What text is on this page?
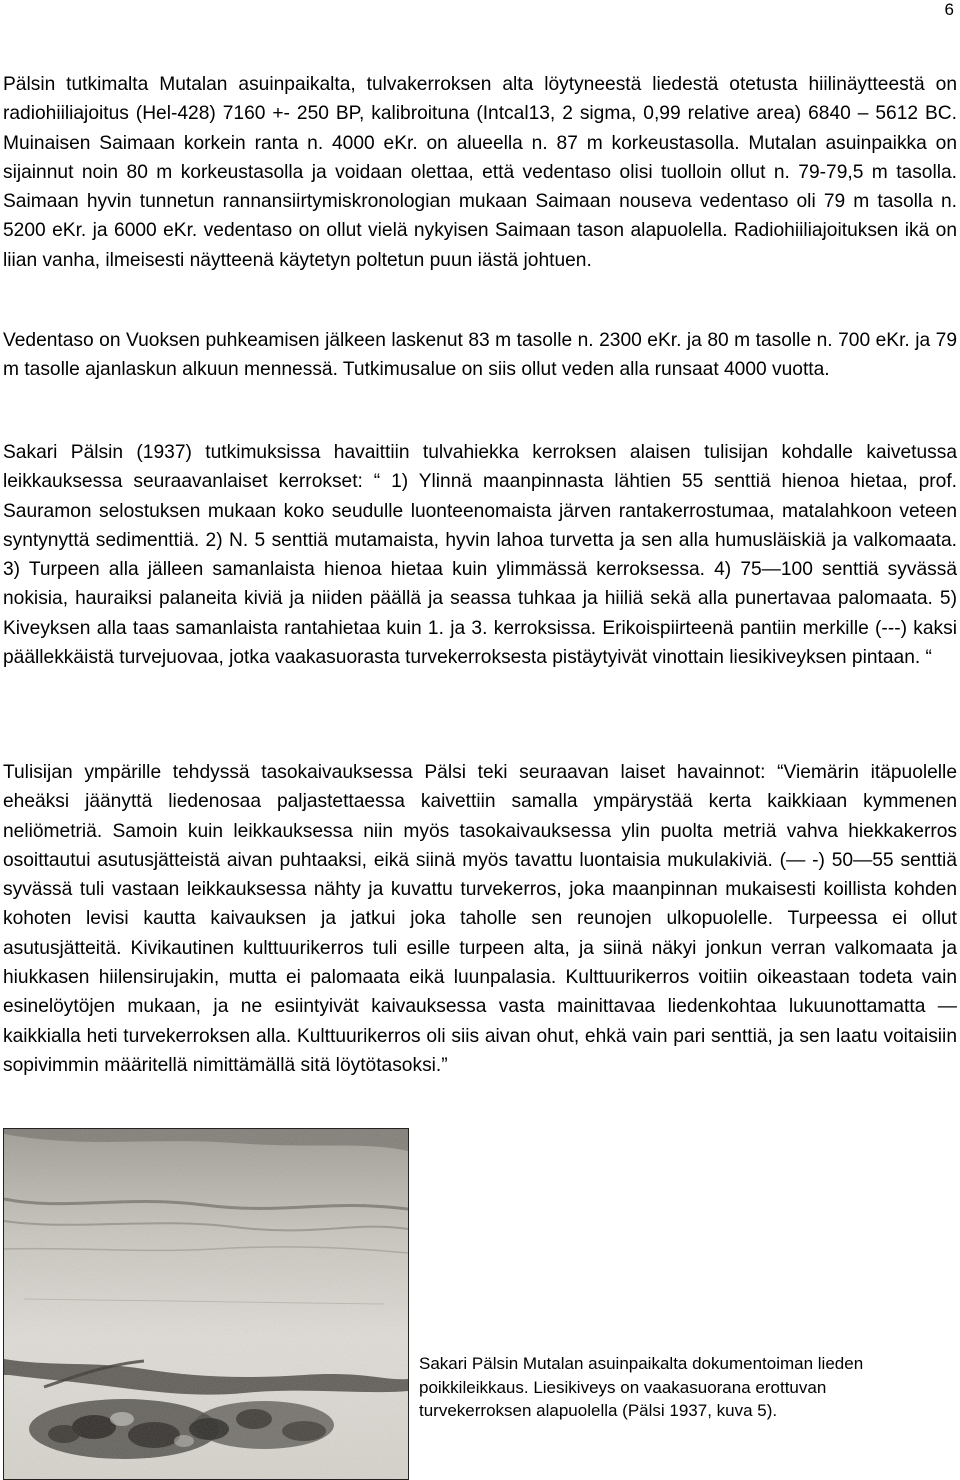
6

Pälsin tutkimalta Mutalan asuinpaikalta, tulvakerroksen alta löytyneestä liedestä otetusta hiilinäytteestä on radiohiiliajoitus (Hel-428) 7160 +- 250 BP, kalibroituna (Intcal13, 2 sigma, 0,99 relative area) 6840 – 5612 BC. Muinaisen Saimaan korkein ranta n. 4000 eKr. on alueella n. 87 m korkeustasolla. Mutalan asuinpaikka on sijainnut noin 80 m korkeustasolla ja voidaan olettaa, että vedentaso olisi tuolloin ollut n. 79-79,5 m tasolla. Saimaan hyvin tunnetun rannansiirtymiskronologian mukaan Saimaan nouseva vedentaso oli 79 m tasolla n. 5200 eKr. ja 6000 eKr. vedentaso on ollut vielä nykyisen Saimaan tason alapuolella. Radiohiiliajoituksen ikä on liian vanha, ilmeisesti näytteenä käytetyn poltetun puun iästä johtuen.

Vedentaso on Vuoksen puhkeamisen jälkeen laskenut 83 m tasolle n. 2300 eKr. ja 80 m tasolle n. 700 eKr. ja 79 m tasolle ajanlaskun alkuun mennessä. Tutkimusalue on siis ollut veden alla runsaat 4000 vuotta.

Sakari Pälsin (1937) tutkimuksissa havaittiin tulvahiekka kerroksen alaisen tulisijan kohdalle kaivetussa leikkauksessa seuraavanlaiset kerrokset: “ 1) Ylinnä maanpinnasta lähtien 55 senttiä hienoa hietaa, prof. Sauramon selostuksen mukaan koko seudulle luonteenomaista järven rantakerrostumaa, matalahkoon veteen syntynyttä sedimenttiä. 2) N. 5 senttiä mutamaista, hyvin lahoa turvetta ja sen alla humusläiskiä ja valkomaata. 3) Turpeen alla jälleen samanlaista hienoa hietaa kuin ylimmässä kerroksessa. 4) 75—100 senttiä syvässä nokisia, hauraiksi palaneita kiviä ja niiden päällä ja seassa tuhkaa ja hiiliä sekä alla punertavaa palomaata. 5) Kiveyksen alla taas samanlaista rantahietaa kuin 1. ja 3. kerroksissa. Erikoispiirteenä pantiin merkille (---) kaksi päällekkäistä turvejuovaa, jotka vaakasuorasta turvekerroksesta pistäytyivät vinottain liesikiveyksen pintaan. “

Tulisijan ympärille tehdyssä tasokaivauksessa Pälsi teki seuraavan laiset havainnot: “Viemärin itäpuolelle eheäksi jäänyttä liedenosaa paljastettaessa kaivettiin samalla ympärystää kerta kaikkiaan kymmenen neliömetriä. Samoin kuin leikkauksessa niin myös tasokaivauksessa ylin puolta metriä vahva hiekkakerros osoittautui asutusjätteistä aivan puhtaaksi, eikä siinä myös tavattu luontaisia mukulakiviä. (— -) 50—55 senttiä syvässä tuli vastaan leikkauksessa nähty ja kuvattu turvekerros, joka maanpinnan mukaisesti koillista kohden kohoten levisi kautta kaivauksen ja jatkui joka taholle sen reunojen ulkopuolelle. Turpeessa ei ollut asutusjätteitä. Kivikautinen kulttuurikerros tuli esille turpeen alta, ja siinä näkyi jonkun verran valkomaata ja hiukkasen hiilensirujakin, mutta ei palomaata eikä luunpalasia. Kulttuurikerros voitiin oikeastaan todeta vain esinelöytöjen mukaan, ja ne esiintyivät kaivauksessa vasta mainittavaa liedenkohtaa lukuunottamatta — kaikkialla heti turvekerroksen alla. Kulttuurikerros oli siis aivan ohut, ehkä vain pari senttiä, ja sen laatu voitaisiin sopivimmin määritellä nimittämällä sitä löytötasoksi.”

Sakari Pälsin Mutalan asuinpaikalta dokumentoiman lieden poikkileikkaus. Liesikiveys on vaakasuorana erottuvan turvekerroksen alapuolella (Pälsi 1937, kuva 5).
